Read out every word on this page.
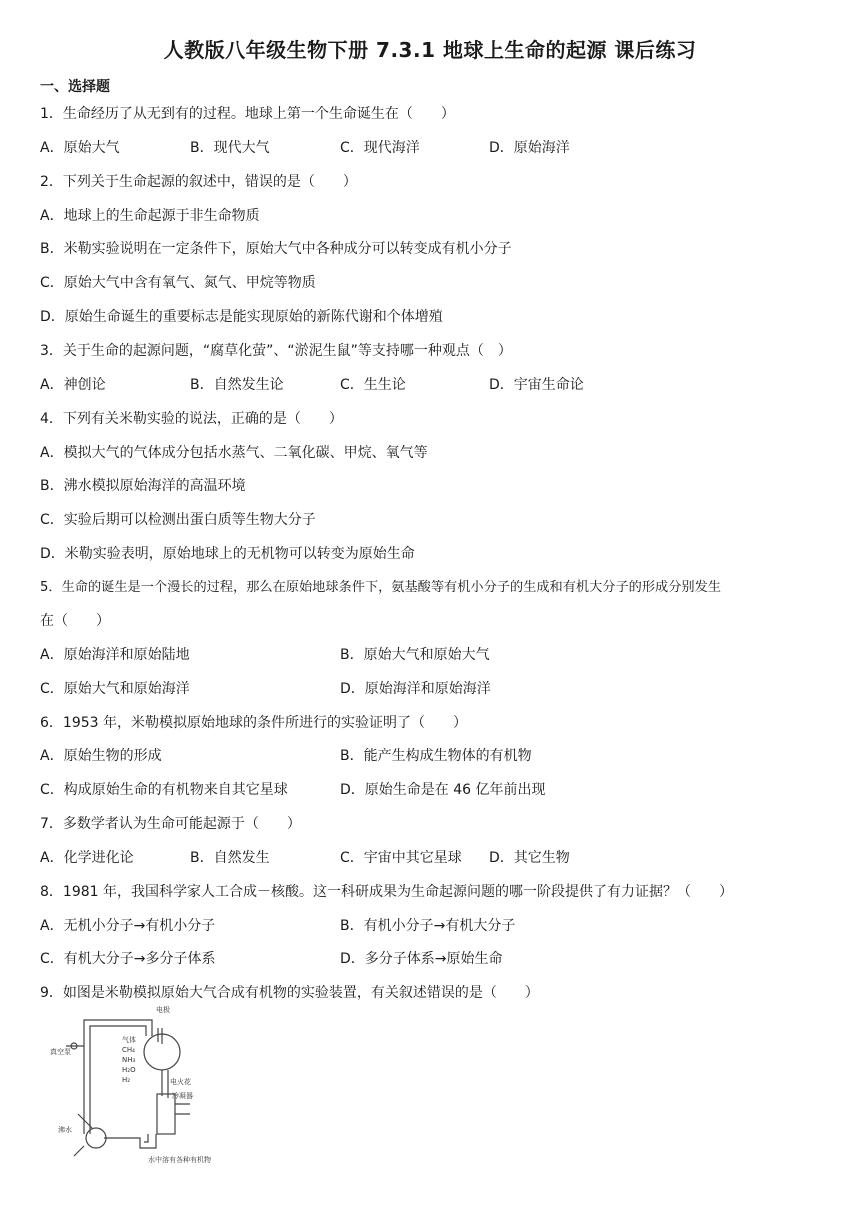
人教版八年级生物下册 7.3.1 地球上生命的起源 课后练习
一、选择题
1．生命经历了从无到有的过程。地球上第一个生命诞生在（　　）
A．原始大气	B．现代大气	C．现代海洋	D．原始海洋
2．下列关于生命起源的叙述中，错误的是（　　）
A．地球上的生命起源于非生命物质
B．米勒实验说明在一定条件下，原始大气中各种成分可以转变成有机小分子
C．原始大气中含有氧气、氮气、甲烷等物质
D．原始生命诞生的重要标志是能实现原始的新陈代谢和个体增殖
3．关于生命的起源问题，“腐草化萤”、“淤泥生鼠”等支持哪一种观点（　）
A．神创论	B．自然发生论	C．生生论	D．宇宙生命论
4．下列有关米勒实验的说法，正确的是（　　）
A．模拟大气的气体成分包括水蒸气、二氧化碳、甲烷、氧气等
B．沸水模拟原始海洋的高温环境
C．实验后期可以检测出蛋白质等生物大分子
D．米勒实验表明，原始地球上的无机物可以转变为原始生命
5．生命的诞生是一个漫长的过程，那么在原始地球条件下，氨基酸等有机小分子的生成和有机大分子的形成分别发生
在（　　）
A．原始海洋和原始陆地	B．原始大气和原始大气
C．原始大气和原始海洋	D．原始海洋和原始海洋
6．1953 年，米勒模拟原始地球的条件所进行的实验证明了（　　）
A．原始生物的形成	B．能产生构成生物体的有机物
C．构成原始生命的有机物来自其它星球	D．原始生命是在 46 亿年前出现
7．多数学者认为生命可能起源于（　　）
A．化学进化论	B．自然发生	C．宇宙中其它星球 D．其它生物
8．1981 年，我国科学家人工合成－核酸。这一科研成果为生命起源问题的哪一阶段提供了有力证据？（　　）
A．无机小分子→有机小分子	B．有机小分子→有机大分子
C．有机大分子→多分子体系	D．多分子体系→原始生命
9．如图是米勒模拟原始大气合成有机物的实验装置，有关叙述错误的是（　　）
电极
真空泵
气体
CH₄
NH₃
H₂O
H₂	电火花
冷凝器
沸水
水中溶有各种有机物
